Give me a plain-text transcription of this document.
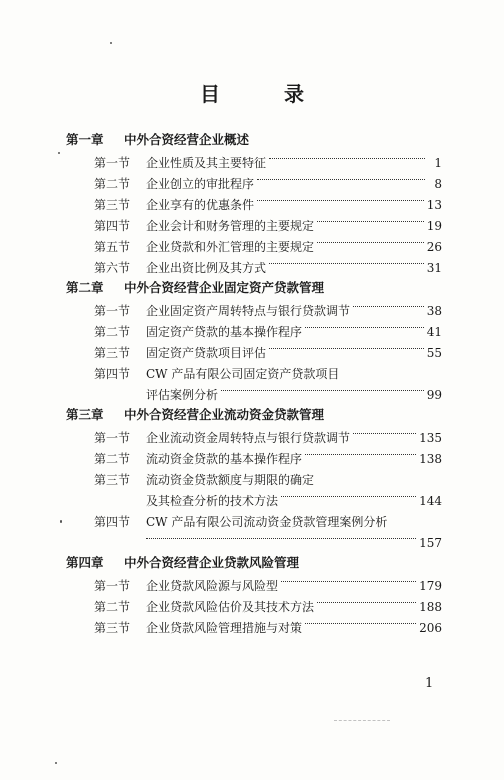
目　录
第一章 中外合资经营企业概述
第一节	企业性质及其主要特征	1
第二节	企业创立的审批程序	8
第三节	企业享有的优惠条件	13
第四节	企业会计和财务管理的主要规定	19
第五节	企业贷款和外汇管理的主要规定	26
第六节	企业出资比例及其方式	31
第二章 中外合资经营企业固定资产贷款管理
第一节	企业固定资产周转特点与银行贷款调节	38
第二节	固定资产贷款的基本操作程序	41
第三节	固定资产贷款项目评估	55
第四节	CW 产品有限公司固定资产贷款项目
评估案例分析	99
第三章 中外合资经营企业流动资金贷款管理
第一节	企业流动资金周转特点与银行贷款调节	135
第二节	流动资金贷款的基本操作程序	138
第三节	流动资金贷款额度与期限的确定
及其检查分析的技术方法	144
第四节	CW 产品有限公司流动资金贷款管理案例分析
157
第四章 中外合资经营企业贷款风险管理
第一节	企业贷款风险源与风险型	179
第二节	企业贷款风险估价及其技术方法	188
第三节	企业贷款风险管理措施与对策	206
1
